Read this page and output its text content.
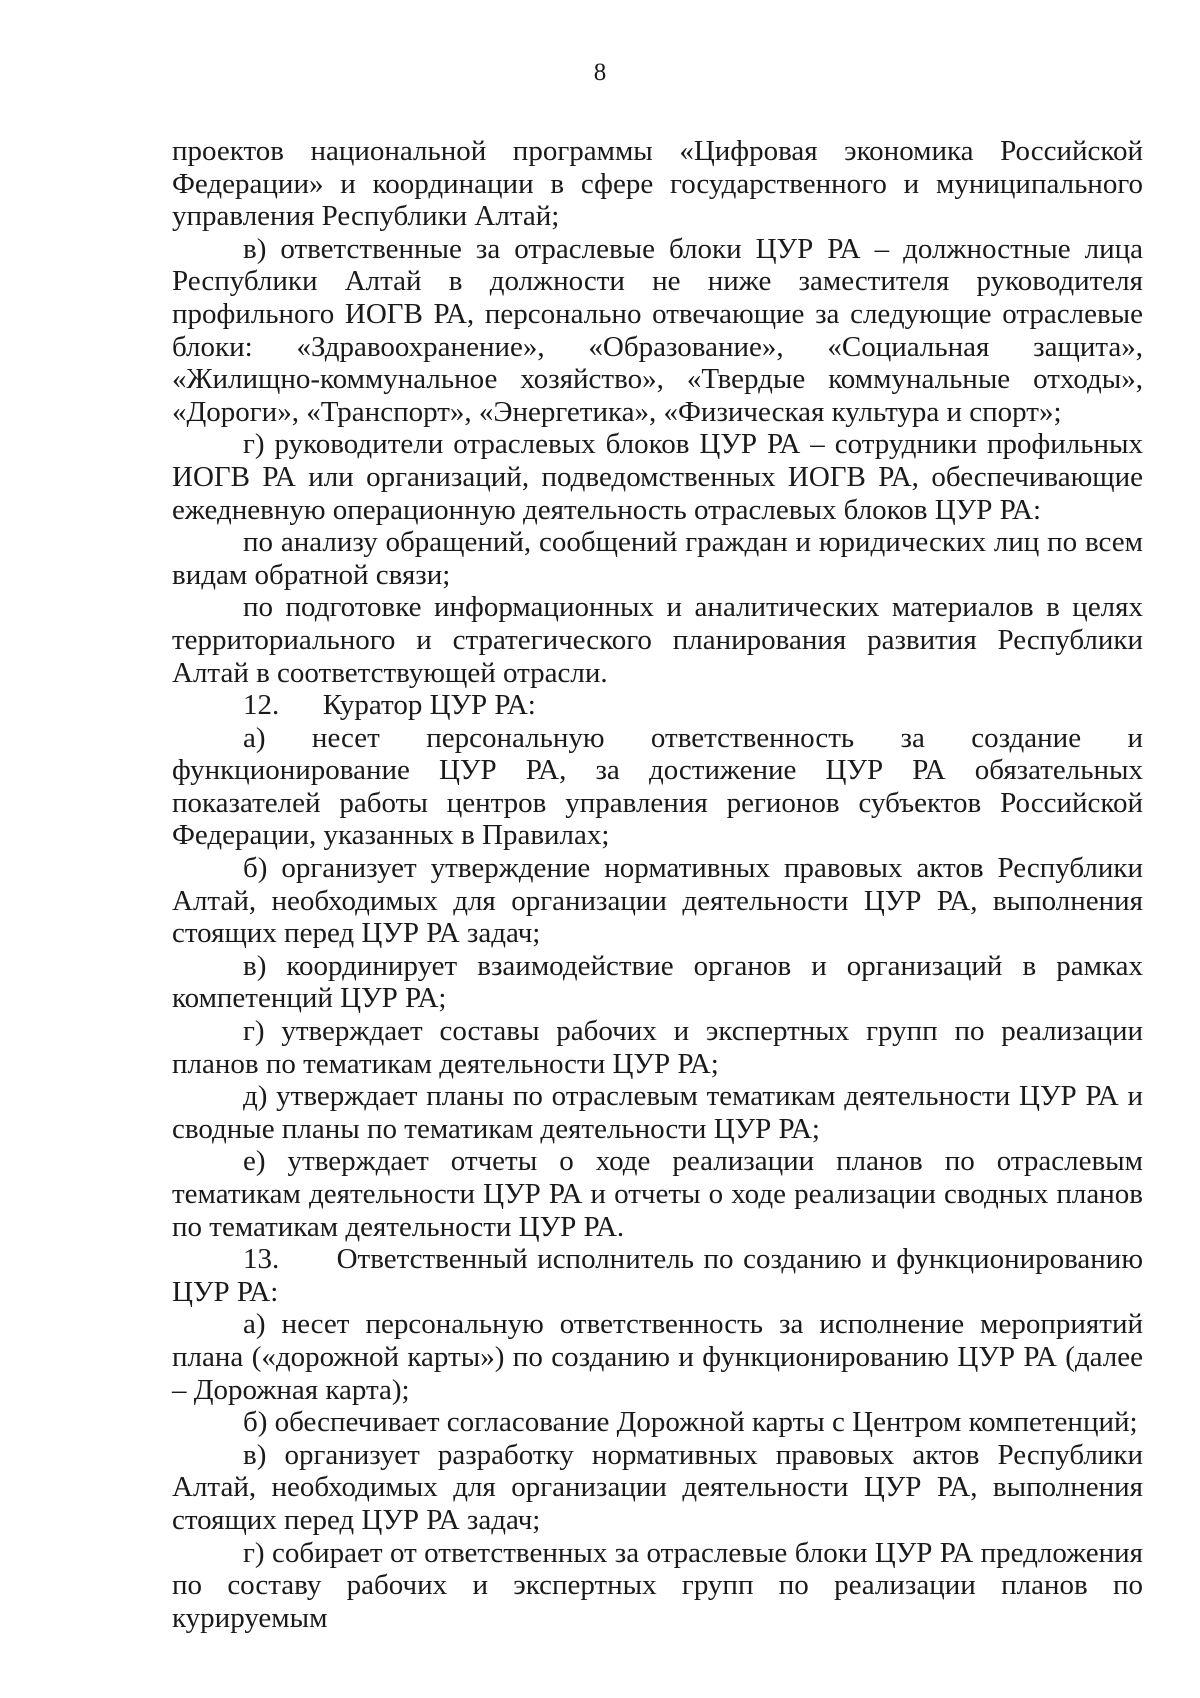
8

проектов национальной программы «Цифровая экономика Российской Федерации» и координации в сфере государственного и муниципального управления Республики Алтай;

в) ответственные за отраслевые блоки ЦУР РА – должностные лица Республики Алтай в должности не ниже заместителя руководителя профильного ИОГВ РА, персонально отвечающие за следующие отраслевые блоки: «Здравоохранение», «Образование», «Социальная защита», «Жилищно-коммунальное хозяйство», «Твердые коммунальные отходы», «Дороги», «Транспорт», «Энергетика», «Физическая культура и спорт»;

г) руководители отраслевых блоков ЦУР РА – сотрудники профильных ИОГВ РА или организаций, подведомственных ИОГВ РА, обеспечивающие ежедневную операционную деятельность отраслевых блоков ЦУР РА:

по анализу обращений, сообщений граждан и юридических лиц по всем видам обратной связи;

по подготовке информационных и аналитических материалов в целях территориального и стратегического планирования развития Республики Алтай в соответствующей отрасли.

12.      Куратор ЦУР РА:

а) несет персональную ответственность за создание и функционирование ЦУР РА, за достижение ЦУР РА обязательных показателей работы центров управления регионов субъектов Российской Федерации, указанных в Правилах;

б) организует утверждение нормативных правовых актов Республики Алтай, необходимых для организации деятельности ЦУР РА, выполнения стоящих перед ЦУР РА задач;

в) координирует взаимодействие органов и организаций в рамках компетенций ЦУР РА;

г) утверждает составы рабочих и экспертных групп по реализации планов по тематикам деятельности ЦУР РА;

д) утверждает планы по отраслевым тематикам деятельности ЦУР РА и сводные планы по тематикам деятельности ЦУР РА;

е) утверждает отчеты о ходе реализации планов по отраслевым тематикам деятельности ЦУР РА и отчеты о ходе реализации сводных планов по тематикам деятельности ЦУР РА.

13.      Ответственный исполнитель по созданию и функционированию ЦУР РА:

а) несет персональную ответственность за исполнение мероприятий плана («дорожной карты») по созданию и функционированию ЦУР РА (далее – Дорожная карта);

б) обеспечивает согласование Дорожной карты с Центром компетенций;

в) организует разработку нормативных правовых актов Республики Алтай, необходимых для организации деятельности ЦУР РА, выполнения стоящих перед ЦУР РА задач;

г) собирает от ответственных за отраслевые блоки ЦУР РА предложения по составу рабочих и экспертных групп по реализации планов по курируемым
